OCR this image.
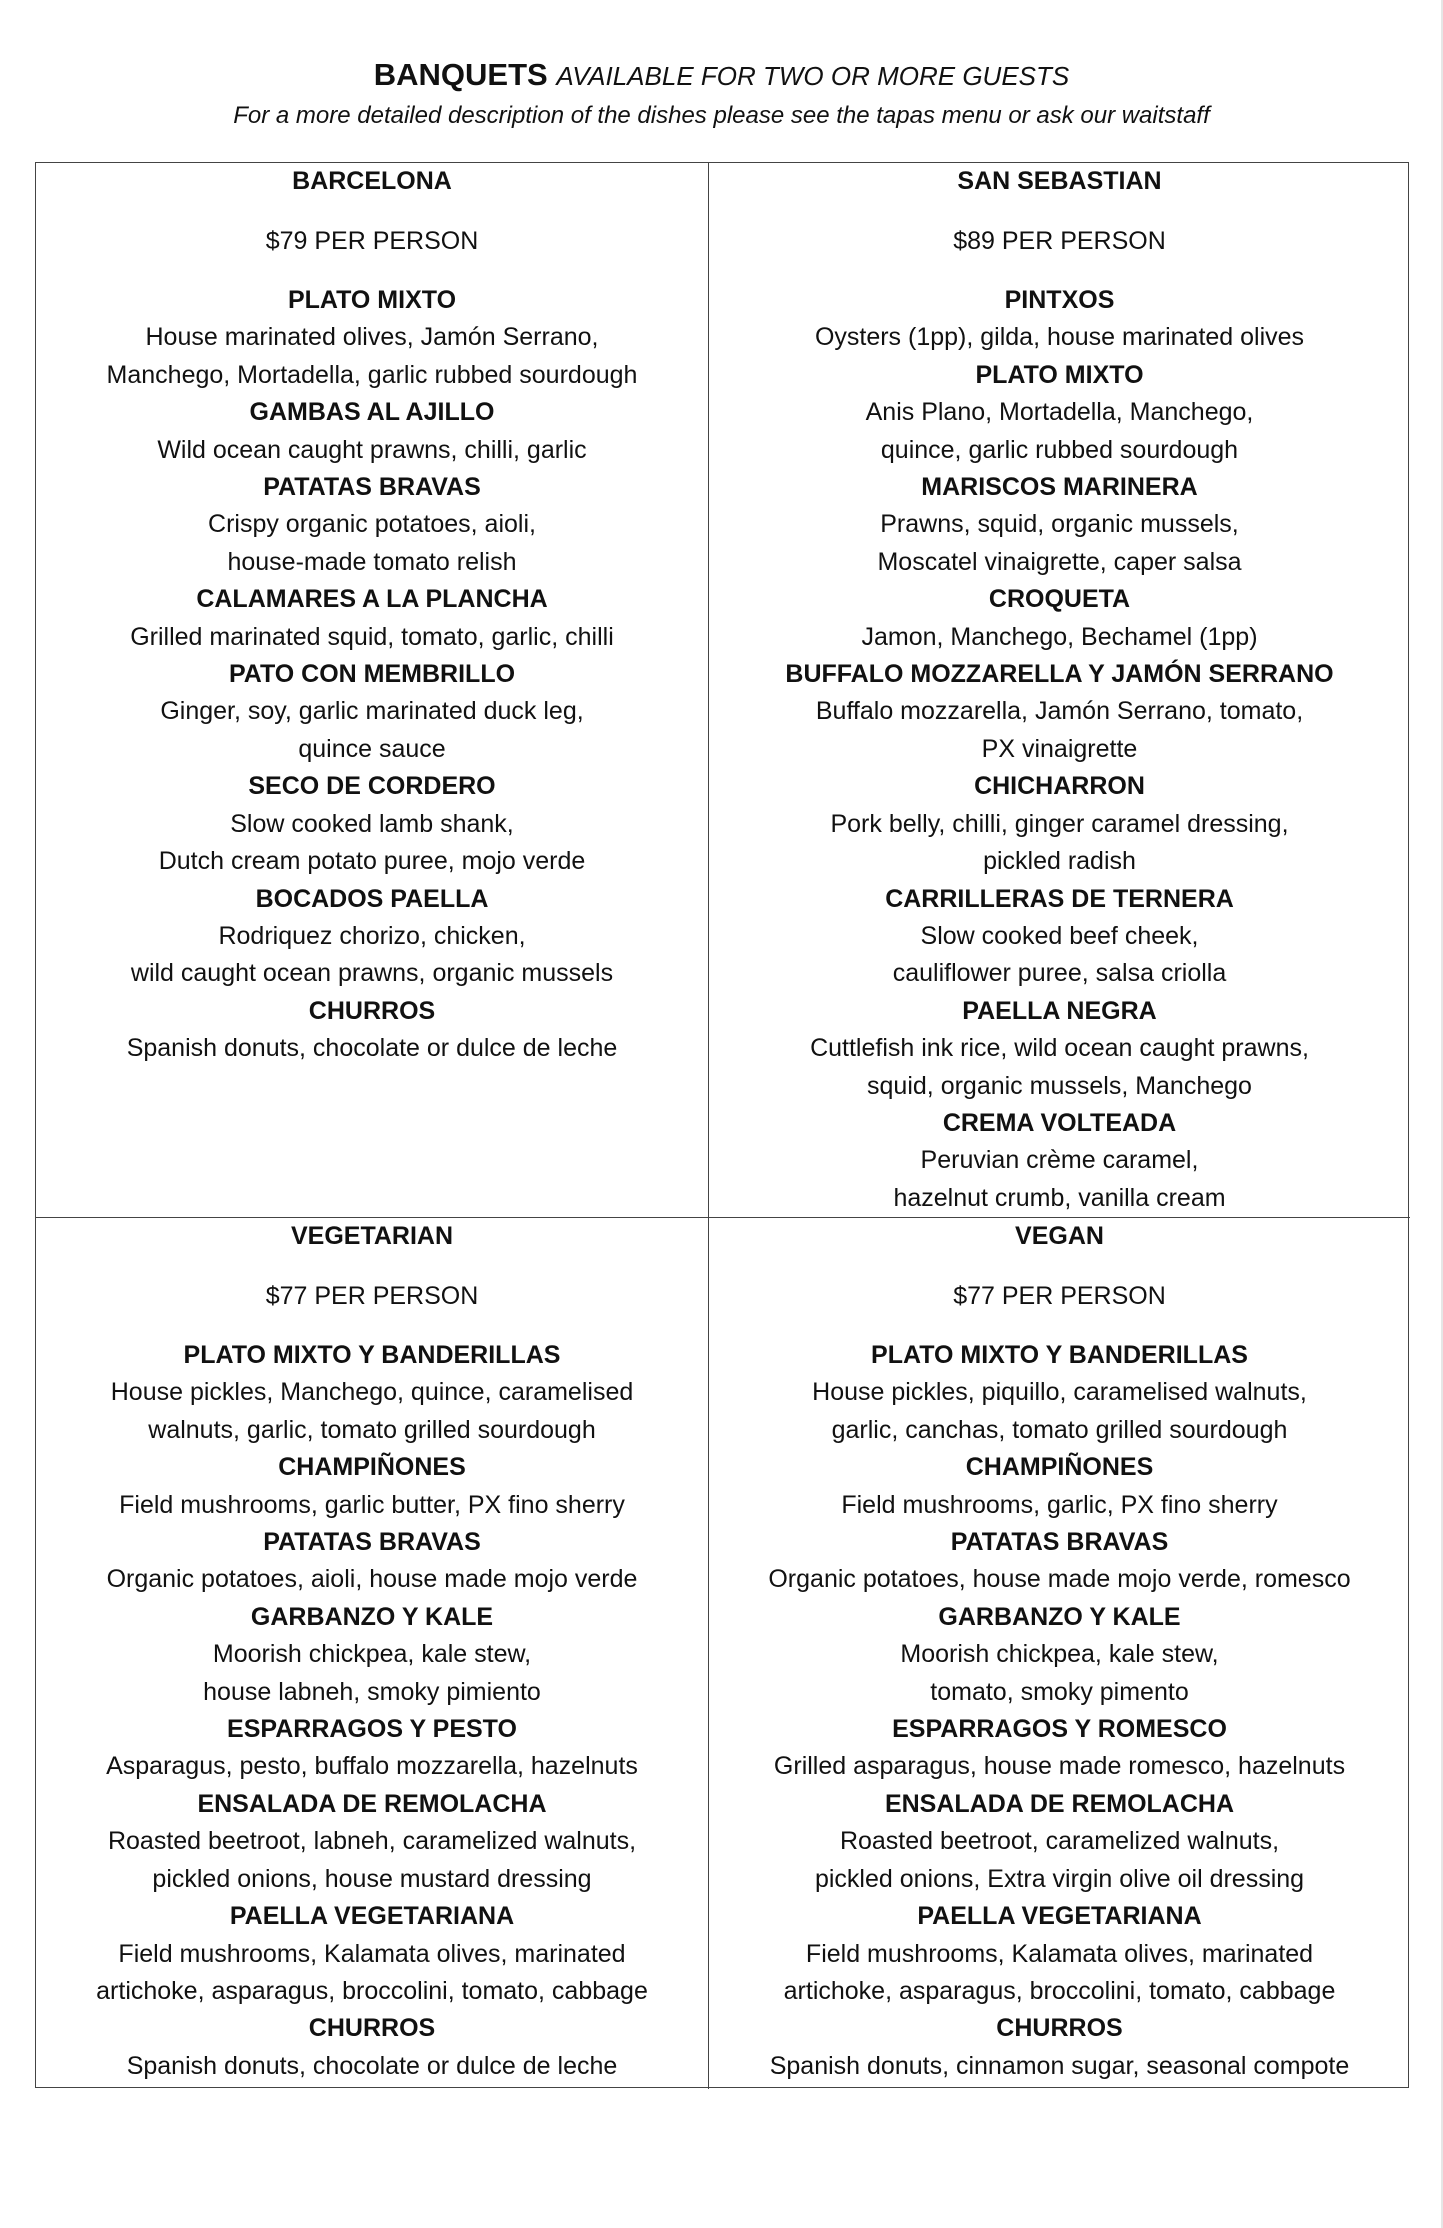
BANQUETS AVAILABLE FOR TWO OR MORE GUESTS
For a more detailed description of the dishes please see the tapas menu or ask our waitstaff
BARCELONA
$79 PER PERSON
PLATO MIXTO
House marinated olives, Jamón Serrano,
Manchego, Mortadella, garlic rubbed sourdough
GAMBAS AL AJILLO
Wild ocean caught prawns, chilli, garlic
PATATAS BRAVAS
Crispy organic potatoes, aioli,
house-made tomato relish
CALAMARES A LA PLANCHA
Grilled marinated squid, tomato, garlic, chilli
PATO CON MEMBRILLO
Ginger, soy, garlic marinated duck leg,
quince sauce
SECO DE CORDERO
Slow cooked lamb shank,
Dutch cream potato puree, mojo verde
BOCADOS PAELLA
Rodriquez chorizo, chicken,
wild caught ocean prawns, organic mussels
CHURROS
Spanish donuts, chocolate or dulce de leche
SAN SEBASTIAN
$89 PER PERSON
PINTXOS
Oysters (1pp), gilda, house marinated olives
PLATO MIXTO
Anis Plano, Mortadella, Manchego,
quince, garlic rubbed sourdough
MARISCOS MARINERA
Prawns, squid, organic mussels,
Moscatel vinaigrette, caper salsa
CROQUETA
Jamon, Manchego, Bechamel (1pp)
BUFFALO MOZZARELLA Y JAMÓN SERRANO
Buffalo mozzarella, Jamón Serrano, tomato,
PX vinaigrette
CHICHARRON
Pork belly, chilli, ginger caramel dressing,
pickled radish
CARRILLERAS DE TERNERA
Slow cooked beef cheek,
cauliflower puree, salsa criolla
PAELLA NEGRA
Cuttlefish ink rice, wild ocean caught prawns,
squid, organic mussels, Manchego
CREMA VOLTEADA
Peruvian crème caramel,
hazelnut crumb, vanilla cream
VEGETARIAN
$77 PER PERSON
PLATO MIXTO Y BANDERILLAS
House pickles, Manchego, quince, caramelised
walnuts, garlic, tomato grilled sourdough
CHAMPIÑONES
Field mushrooms, garlic butter, PX fino sherry
PATATAS BRAVAS
Organic potatoes, aioli, house made mojo verde
GARBANZO Y KALE
Moorish chickpea, kale stew,
house labneh, smoky pimiento
ESPARRAGOS Y PESTO
Asparagus, pesto, buffalo mozzarella, hazelnuts
ENSALADA DE REMOLACHA
Roasted beetroot, labneh, caramelized walnuts,
pickled onions, house mustard dressing
PAELLA VEGETARIANA
Field mushrooms, Kalamata olives, marinated
artichoke, asparagus, broccolini, tomato, cabbage
CHURROS
Spanish donuts, chocolate or dulce de leche
VEGAN
$77 PER PERSON
PLATO MIXTO Y BANDERILLAS
House pickles, piquillo, caramelised walnuts,
garlic, canchas, tomato grilled sourdough
CHAMPIÑONES
Field mushrooms, garlic, PX fino sherry
PATATAS BRAVAS
Organic potatoes, house made mojo verde, romesco
GARBANZO Y KALE
Moorish chickpea, kale stew,
tomato, smoky pimento
ESPARRAGOS Y ROMESCO
Grilled asparagus, house made romesco, hazelnuts
ENSALADA DE REMOLACHA
Roasted beetroot, caramelized walnuts,
pickled onions, Extra virgin olive oil dressing
PAELLA VEGETARIANA
Field mushrooms, Kalamata olives, marinated
artichoke, asparagus, broccolini, tomato, cabbage
CHURROS
Spanish donuts, cinnamon sugar, seasonal compote
